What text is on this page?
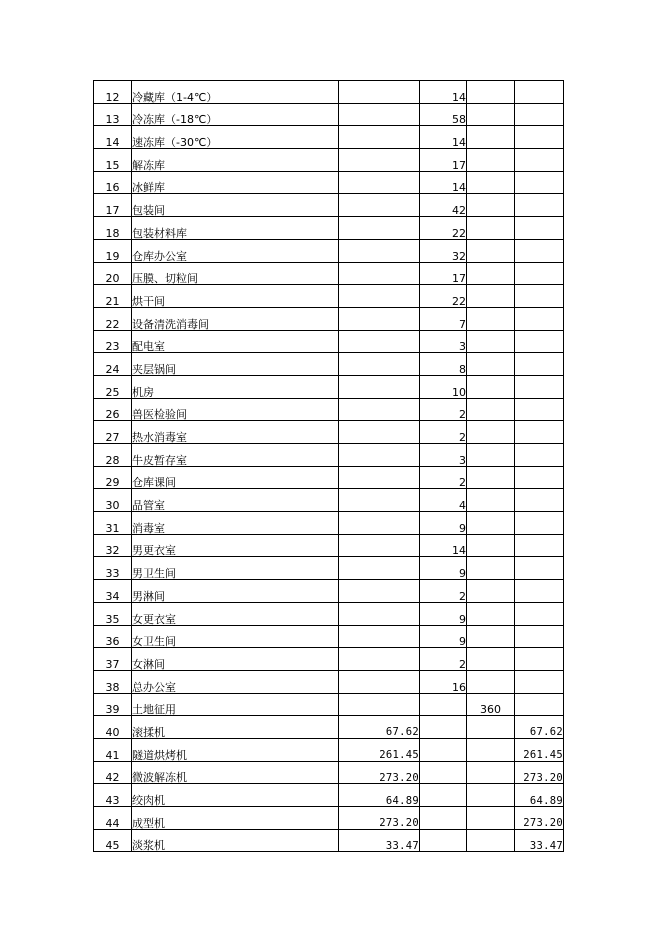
12	冷藏库（1-4℃）		14		
13	冷冻库（-18℃）		58		
14	速冻库（-30℃）		14		
15	解冻库		17		
16	冰鲜库		14		
17	包装间		42		
18	包装材料库		22		
19	仓库办公室		32		
20	压膜、切粒间		17		
21	烘干间		22		
22	设备清洗消毒间		7		
23	配电室		3		
24	夹层锅间		8		
25	机房		10		
26	兽医检验间		2		
27	热水消毒室		2		
28	牛皮暂存室		3		
29	仓库课间		2		
30	品管室		4		
31	消毒室		9		
32	男更衣室		14		
33	男卫生间		9		
34	男淋间		2		
35	女更衣室		9		
36	女卫生间		9		
37	女淋间		2		
38	总办公室		16		
39	土地征用			360	
40	滚揉机	67.62			67.62
41	隧道烘烤机	261.45			261.45
42	微波解冻机	273.20			273.20
43	绞肉机	64.89			64.89
44	成型机	273.20			273.20
45	淡浆机	33.47			33.47
